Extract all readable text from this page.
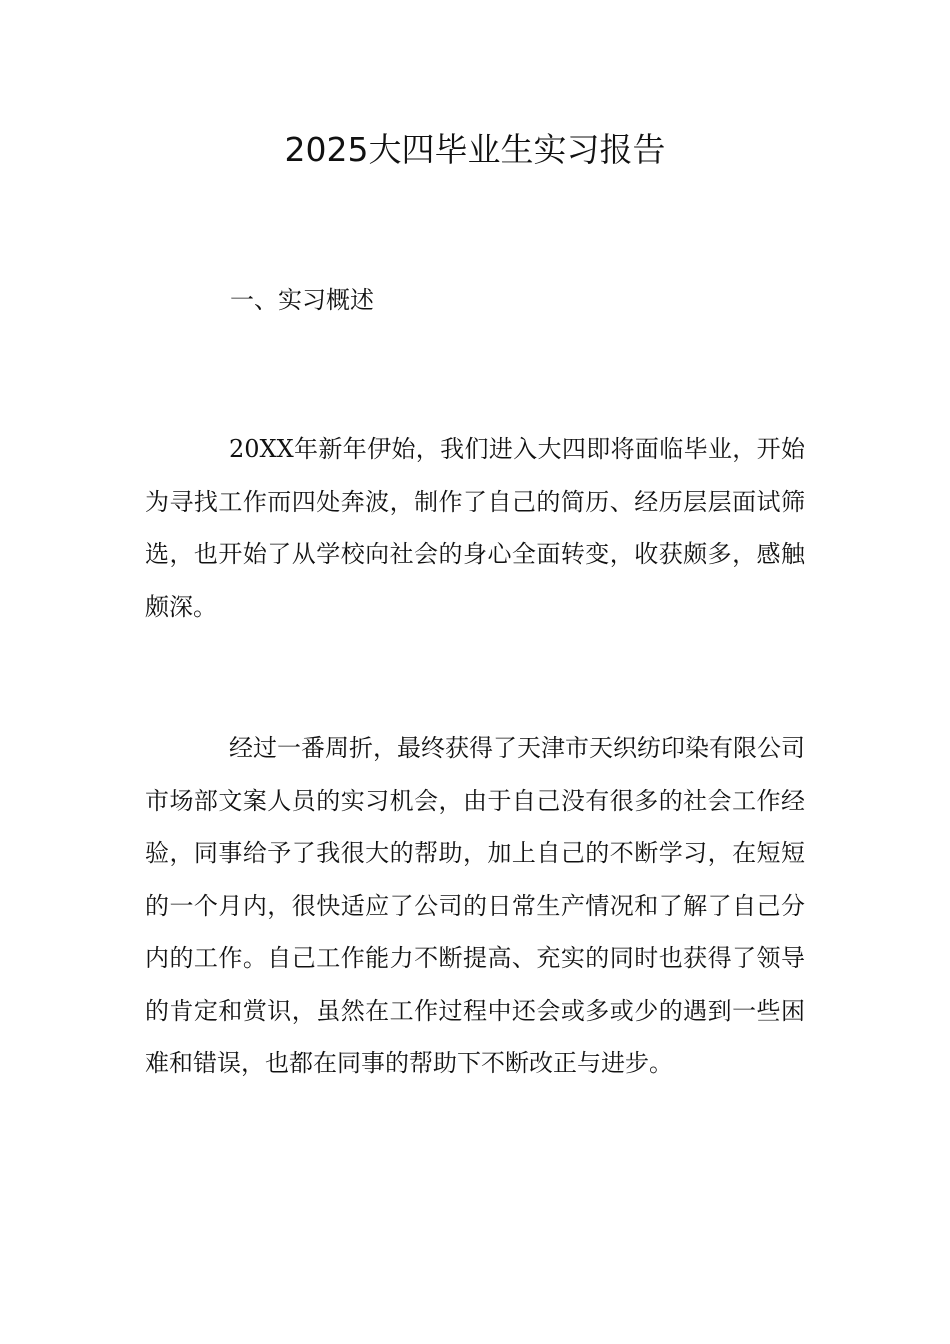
2025大四毕业生实习报告
一、实习概述

20XX年新年伊始，我们进入大四即将面临毕业，开始为寻找工作而四处奔波，制作了自己的简历、经历层层面试筛选，也开始了从学校向社会的身心全面转变，收获颇多，感触颇深。

经过一番周折，最终获得了天津市天织纺印染有限公司市场部文案人员的实习机会，由于自己没有很多的社会工作经验，同事给予了我很大的帮助，加上自己的不断学习，在短短的一个月内，很快适应了公司的日常生产情况和了解了自己分内的工作。自己工作能力不断提高、充实的同时也获得了领导的肯定和赏识，虽然在工作过程中还会或多或少的遇到一些困难和错误，也都在同事的帮助下不断改正与进步。
